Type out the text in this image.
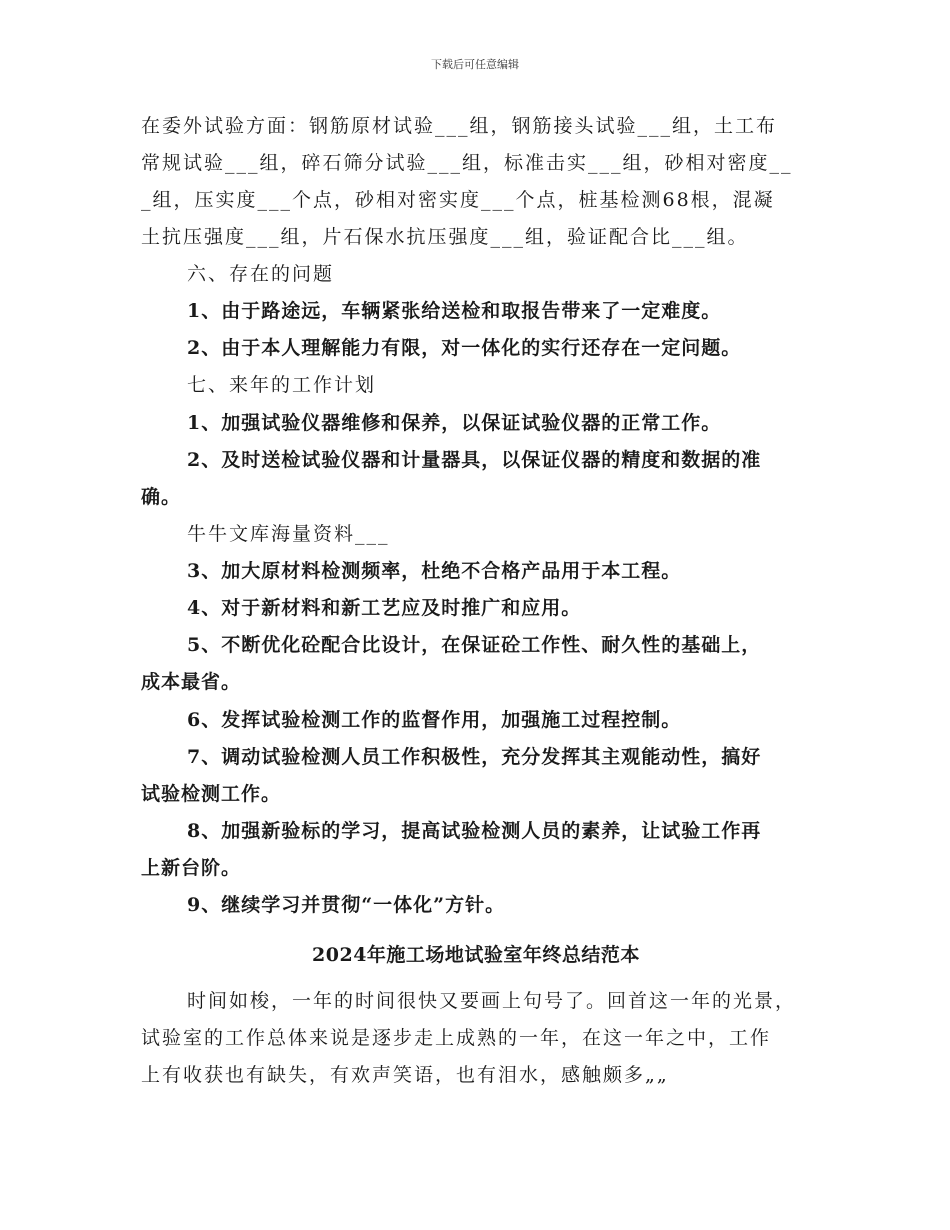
下载后可任意编辑
在委外试验方面：钢筋原材试验___组，钢筋接头试验___组，土工布
常规试验___组，碎石筛分试验___组，标准击实___组，砂相对密度__
_组，压实度___个点，砂相对密实度___个点，桩基检测68根，混凝
土抗压强度___组，片石保水抗压强度___组，验证配合比___组。
六、存在的问题
1、由于路途远，车辆紧张给送检和取报告带来了一定难度。
2、由于本人理解能力有限，对一体化的实行还存在一定问题。
七、来年的工作计划
1、加强试验仪器维修和保养，以保证试验仪器的正常工作。
2、及时送检试验仪器和计量器具，以保证仪器的精度和数据的准
确。
牛牛文库海量资料___
3、加大原材料检测频率，杜绝不合格产品用于本工程。
4、对于新材料和新工艺应及时推广和应用。
5、不断优化砼配合比设计，在保证砼工作性、耐久性的基础上，
成本最省。
6、发挥试验检测工作的监督作用，加强施工过程控制。
7、调动试验检测人员工作积极性，充分发挥其主观能动性，搞好
试验检测工作。
8、加强新验标的学习，提高试验检测人员的素养，让试验工作再
上新台阶。
9、继续学习并贯彻“一体化”方针。
2024年施工场地试验室年终总结范本
时间如梭，一年的时间很快又要画上句号了。回首这一年的光景，
试验室的工作总体来说是逐步走上成熟的一年，在这一年之中，工作
上有收获也有缺失，有欢声笑语，也有泪水，感触颇多„„
